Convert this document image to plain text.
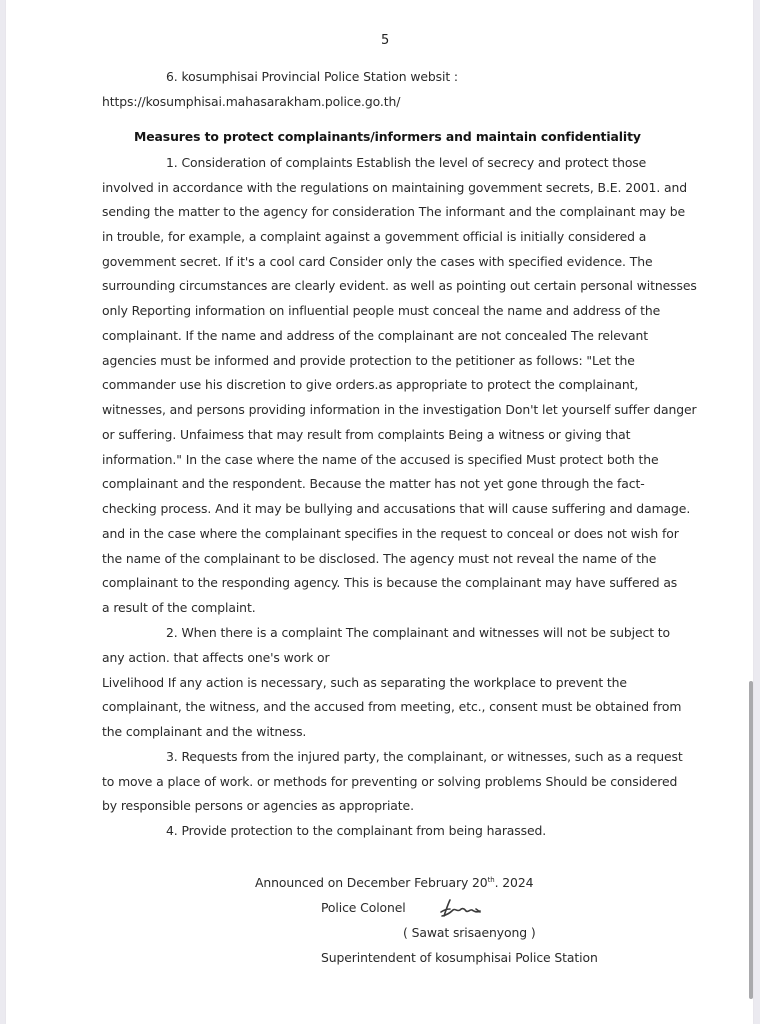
5
6. kosumphisai Provincial Police Station websit :
https://kosumphisai.mahasarakham.police.go.th/
Measures to protect complainants/informers and maintain confidentiality
1. Consideration of complaints Establish the level of secrecy and protect those
involved in accordance with the regulations on maintaining govemment secrets, B.E. 2001. and
sending the matter to the agency for consideration The informant and the complainant may be
in trouble, for example, a complaint against a govemment official is initially considered a
govemment secret. If it's a cool card Consider only the cases with specified evidence. The
surrounding circumstances are clearly evident. as well as pointing out certain personal witnesses
only Reporting information on influential people must conceal the name and address of the
complainant. If the name and address of the complainant are not concealed The relevant
agencies must be informed and provide protection to the petitioner as follows: "Let the
commander use his discretion to give orders.as appropriate to protect the complainant,
witnesses, and persons providing information in the investigation Don't let yourself suffer danger
or suffering. Unfaimess that may result from complaints Being a witness or giving that
information." In the case where the name of the accused is specified Must protect both the
complainant and the respondent. Because the matter has not yet gone through the fact-
checking process. And it may be bullying and accusations that will cause suffering and damage.
and in the case where the complainant specifies in the request to conceal or does not wish for
the name of the complainant to be disclosed. The agency must not reveal the name of the
complainant to the responding agency. This is because the complainant may have suffered as
a result of the complaint.
2. When there is a complaint The complainant and witnesses will not be subject to
any action. that affects one's work or
Livelihood If any action is necessary, such as separating the workplace to prevent the
complainant, the witness, and the accused from meeting, etc., consent must be obtained from
the complainant and the witness.
3. Requests from the injured party, the complainant, or witnesses, such as a request
to move a place of work. or methods for preventing or solving problems Should be considered
by responsible persons or agencies as appropriate.
4. Provide protection to the complainant from being harassed.
Announced on December February 20th. 2024
Police Colonel
( Sawat srisaenyong )
Superintendent of kosumphisai Police Station
